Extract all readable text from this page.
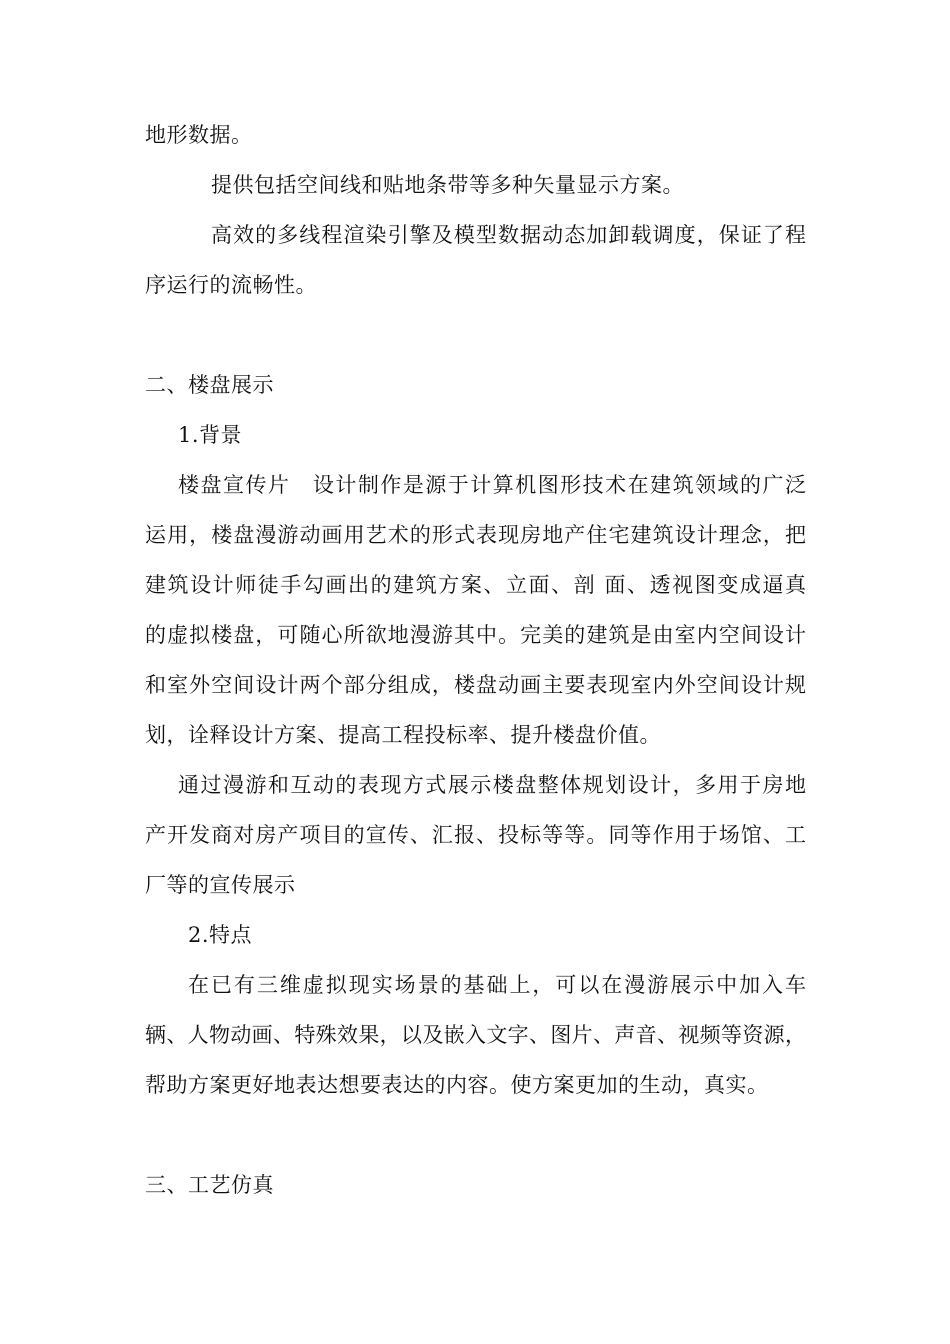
地形数据。
提供包括空间线和贴地条带等多种矢量显示方案。
高效的多线程渲染引擎及模型数据动态加卸载调度，保证了程
序运行的流畅性。
二、楼盘展示
1.背景
楼盘宣传片　设计制作是源于计算机图形技术在建筑领域的广泛
运用，楼盘漫游动画用艺术的形式表现房地产住宅建筑设计理念，把
建筑设计师徒手勾画出的建筑方案、立面、剖 面、透视图变成逼真
的虚拟楼盘，可随心所欲地漫游其中。完美的建筑是由室内空间设计
和室外空间设计两个部分组成，楼盘动画主要表现室内外空间设计规
划，诠释设计方案、提高工程投标率、提升楼盘价值。
通过漫游和互动的表现方式展示楼盘整体规划设计，多用于房地
产开发商对房产项目的宣传、汇报、投标等等。同等作用于场馆、工
厂等的宣传展示
2.特点
在已有三维虚拟现实场景的基础上，可以在漫游展示中加入车
辆、人物动画、特殊效果，以及嵌入文字、图片、声音、视频等资源，
帮助方案更好地表达想要表达的内容。使方案更加的生动，真实。
三、工艺仿真
